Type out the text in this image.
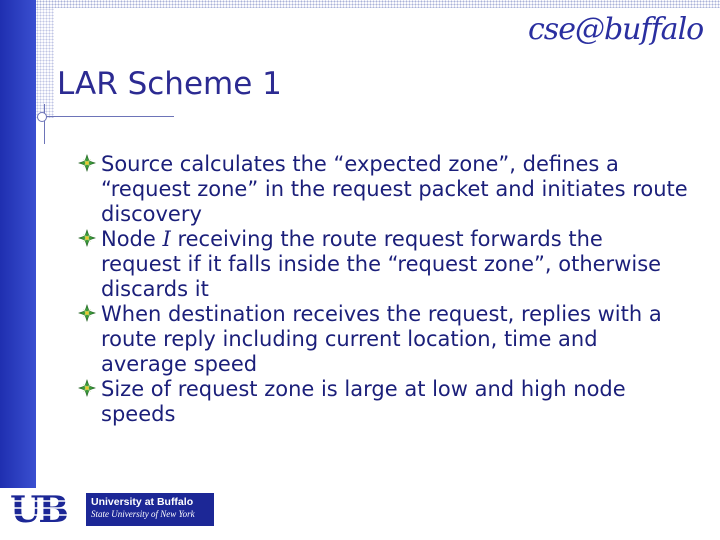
cse@buffalo
LAR Scheme 1
Source calculates the “expected zone”, defines a “request zone” in the request packet and initiates route discovery
Node I receiving the route request forwards the request if it falls inside the “request zone”, otherwise discards it
When destination receives the request, replies with a route reply including current location, time and average speed
Size of request zone is large at low and high node speeds
UB University at Buffalo
State University of New York
